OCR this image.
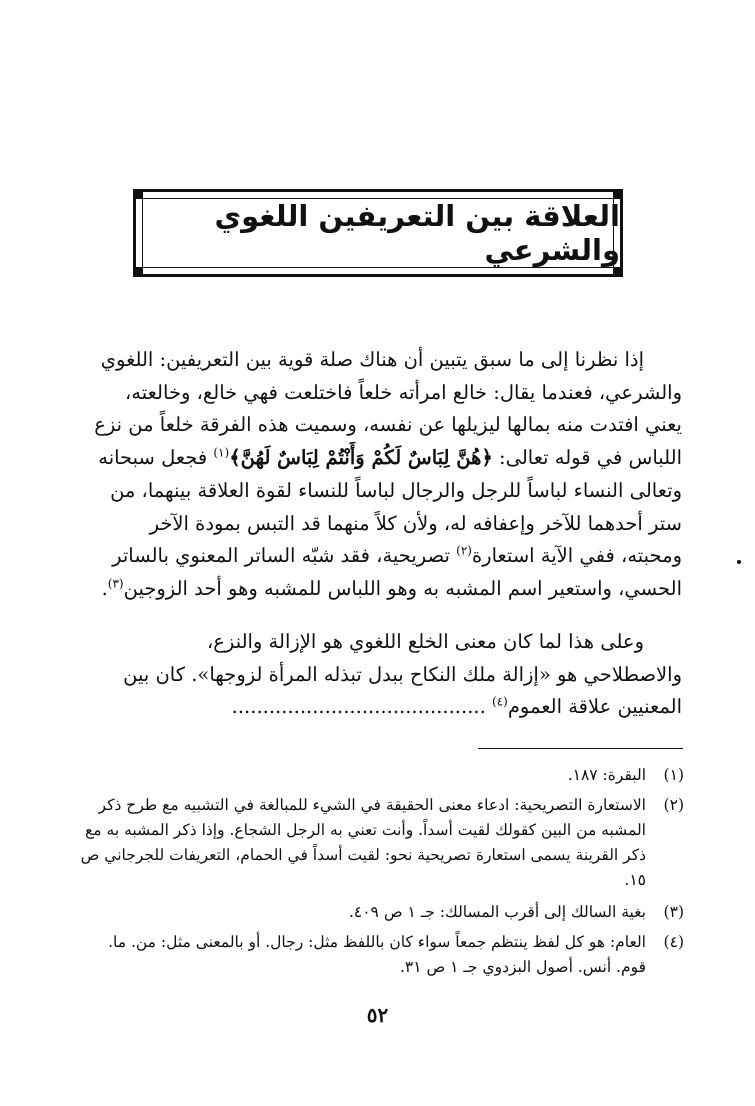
العلاقة بين التعريفين اللغوي والشرعي
إذا نظرنا إلى ما سبق يتبين أن هناك صلة قوية بين التعريفين: اللغوي
والشرعي، فعندما يقال: خالع امرأته خلعاً فاختلعت فهي خالع، وخالعته،
يعني افتدت منه بمالها ليزيلها عن نفسه، وسميت هذه الفرقة خلعاً من نزع
اللباس في قوله تعالى: ﴿هُنَّ لِبَاسٌ لَكُمْ وَأَنْتُمْ لِبَاسٌ لَهُنَّ﴾$^{(١)}$ فجعل سبحانه
وتعالى النساء لباساً للرجل والرجال لباساً للنساء لقوة العلاقة بينهما، من
ستر أحدهما للآخر وإعفافه له، ولأن كلاً منهما قد التبس بمودة الآخر
ومحبته، ففي الآية استعارة$^{(٢)}$ تصريحية، فقد شبّه الساتر المعنوي بالساتر
الحسي، واستعير اسم المشبه به وهو اللباس للمشبه وهو أحد الزوجين$^{(٣)}$.
وعلى هذا لما كان معنى الخلع اللغوي هو الإزالة والنزع،
والاصطلاحي هو «إزالة ملك النكاح ببدل تبذله المرأة لزوجها». كان بين
المعنيين علاقة العموم$^{(٤)}$ .........................................
(١)
البقرة: ١٨٧.
(٢)
الاستعارة التصريحية: ادعاء معنى الحقيقة في الشيء للمبالغة في التشبيه مع طرح ذكر المشبه من البين كقولك لقيت أسداً. وأنت تعني به الرجل الشجاع. وإذا ذكر المشبه به مع ذكر القرينة يسمى استعارة تصريحية نحو: لقيت أسداً في الحمام، التعريفات للجرجاني ص ١٥.
(٣)
بغية السالك إلى أقرب المسالك: جـ ١ ص ٤٠٩.
(٤)
العام: هو كل لفظ ينتظم جمعاً سواء كان باللفظ مثل: رجال. أو بالمعنى مثل: من. ما. قوم. أنس. أصول البزدوي جـ ١ ص ٣١.
٥٢
